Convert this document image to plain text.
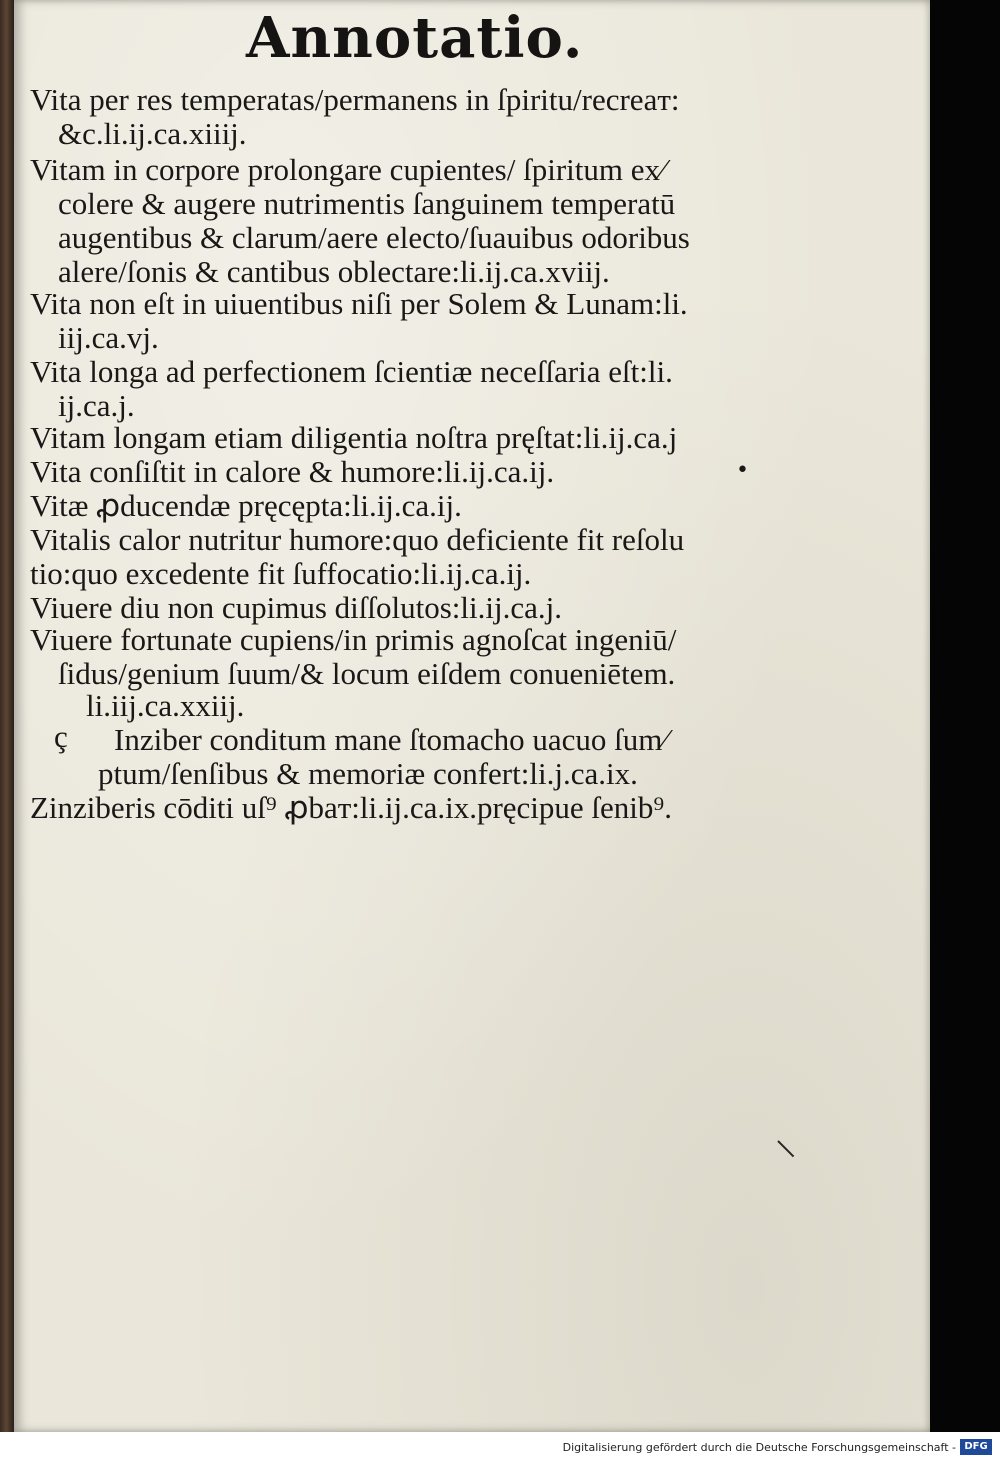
Annotatio.
Vita per res temperatas/permanens in ſpiritu/recreaт:
&c.li.ij.ca.xiiij.
Vitam in corpore prolongare cupientes/ ſpiritum ex⁄
colere & augere nutrimentis ſanguinem temperatū
augentibus & clarum/aere electo/ſuauibus odoribus
alere/ſonis & cantibus oblectare:li.ij.ca.xviij.
Vita non eſt in uiuentibus niſi per Solem & Lunam:li.
iij.ca.vj.
Vita longa ad perfectionem ſcientiæ neceſſaria eſt:li.
ij.ca.j.
Vitam longam etiam diligentia noſtra pręſtat:li.ij.ca.j
Vita conſiſtit in calore & humore:li.ij.ca.ij.
Vitæ ꝓducendæ pręcępta:li.ij.ca.ij.
Vitalis calor nutritur humore:quo deficiente fit reſolu
tio:quo excedente fit ſuffocatio:li.ij.ca.ij.
Viuere diu non cupimus diſſolutos:li.ij.ca.j.
Viuere fortunate cupiens/in primis agnoſcat ingeniū/
ſidus/genium ſuum/& locum eiſdem conueniētem.
li.iij.ca.xxiij.
Inziber conditum mane ſtomacho uacuo ſum⁄
ptum/ſenſibus & memoriæ confert:li.j.ca.ix.
Zinziberis cōditi uſ⁹ ꝓbaт:li.ij.ca.ix.pręcipue ſenib⁹.
ç
•
Digitalisierung gefördert durch die Deutsche Forschungsgemeinschaft - DFG
